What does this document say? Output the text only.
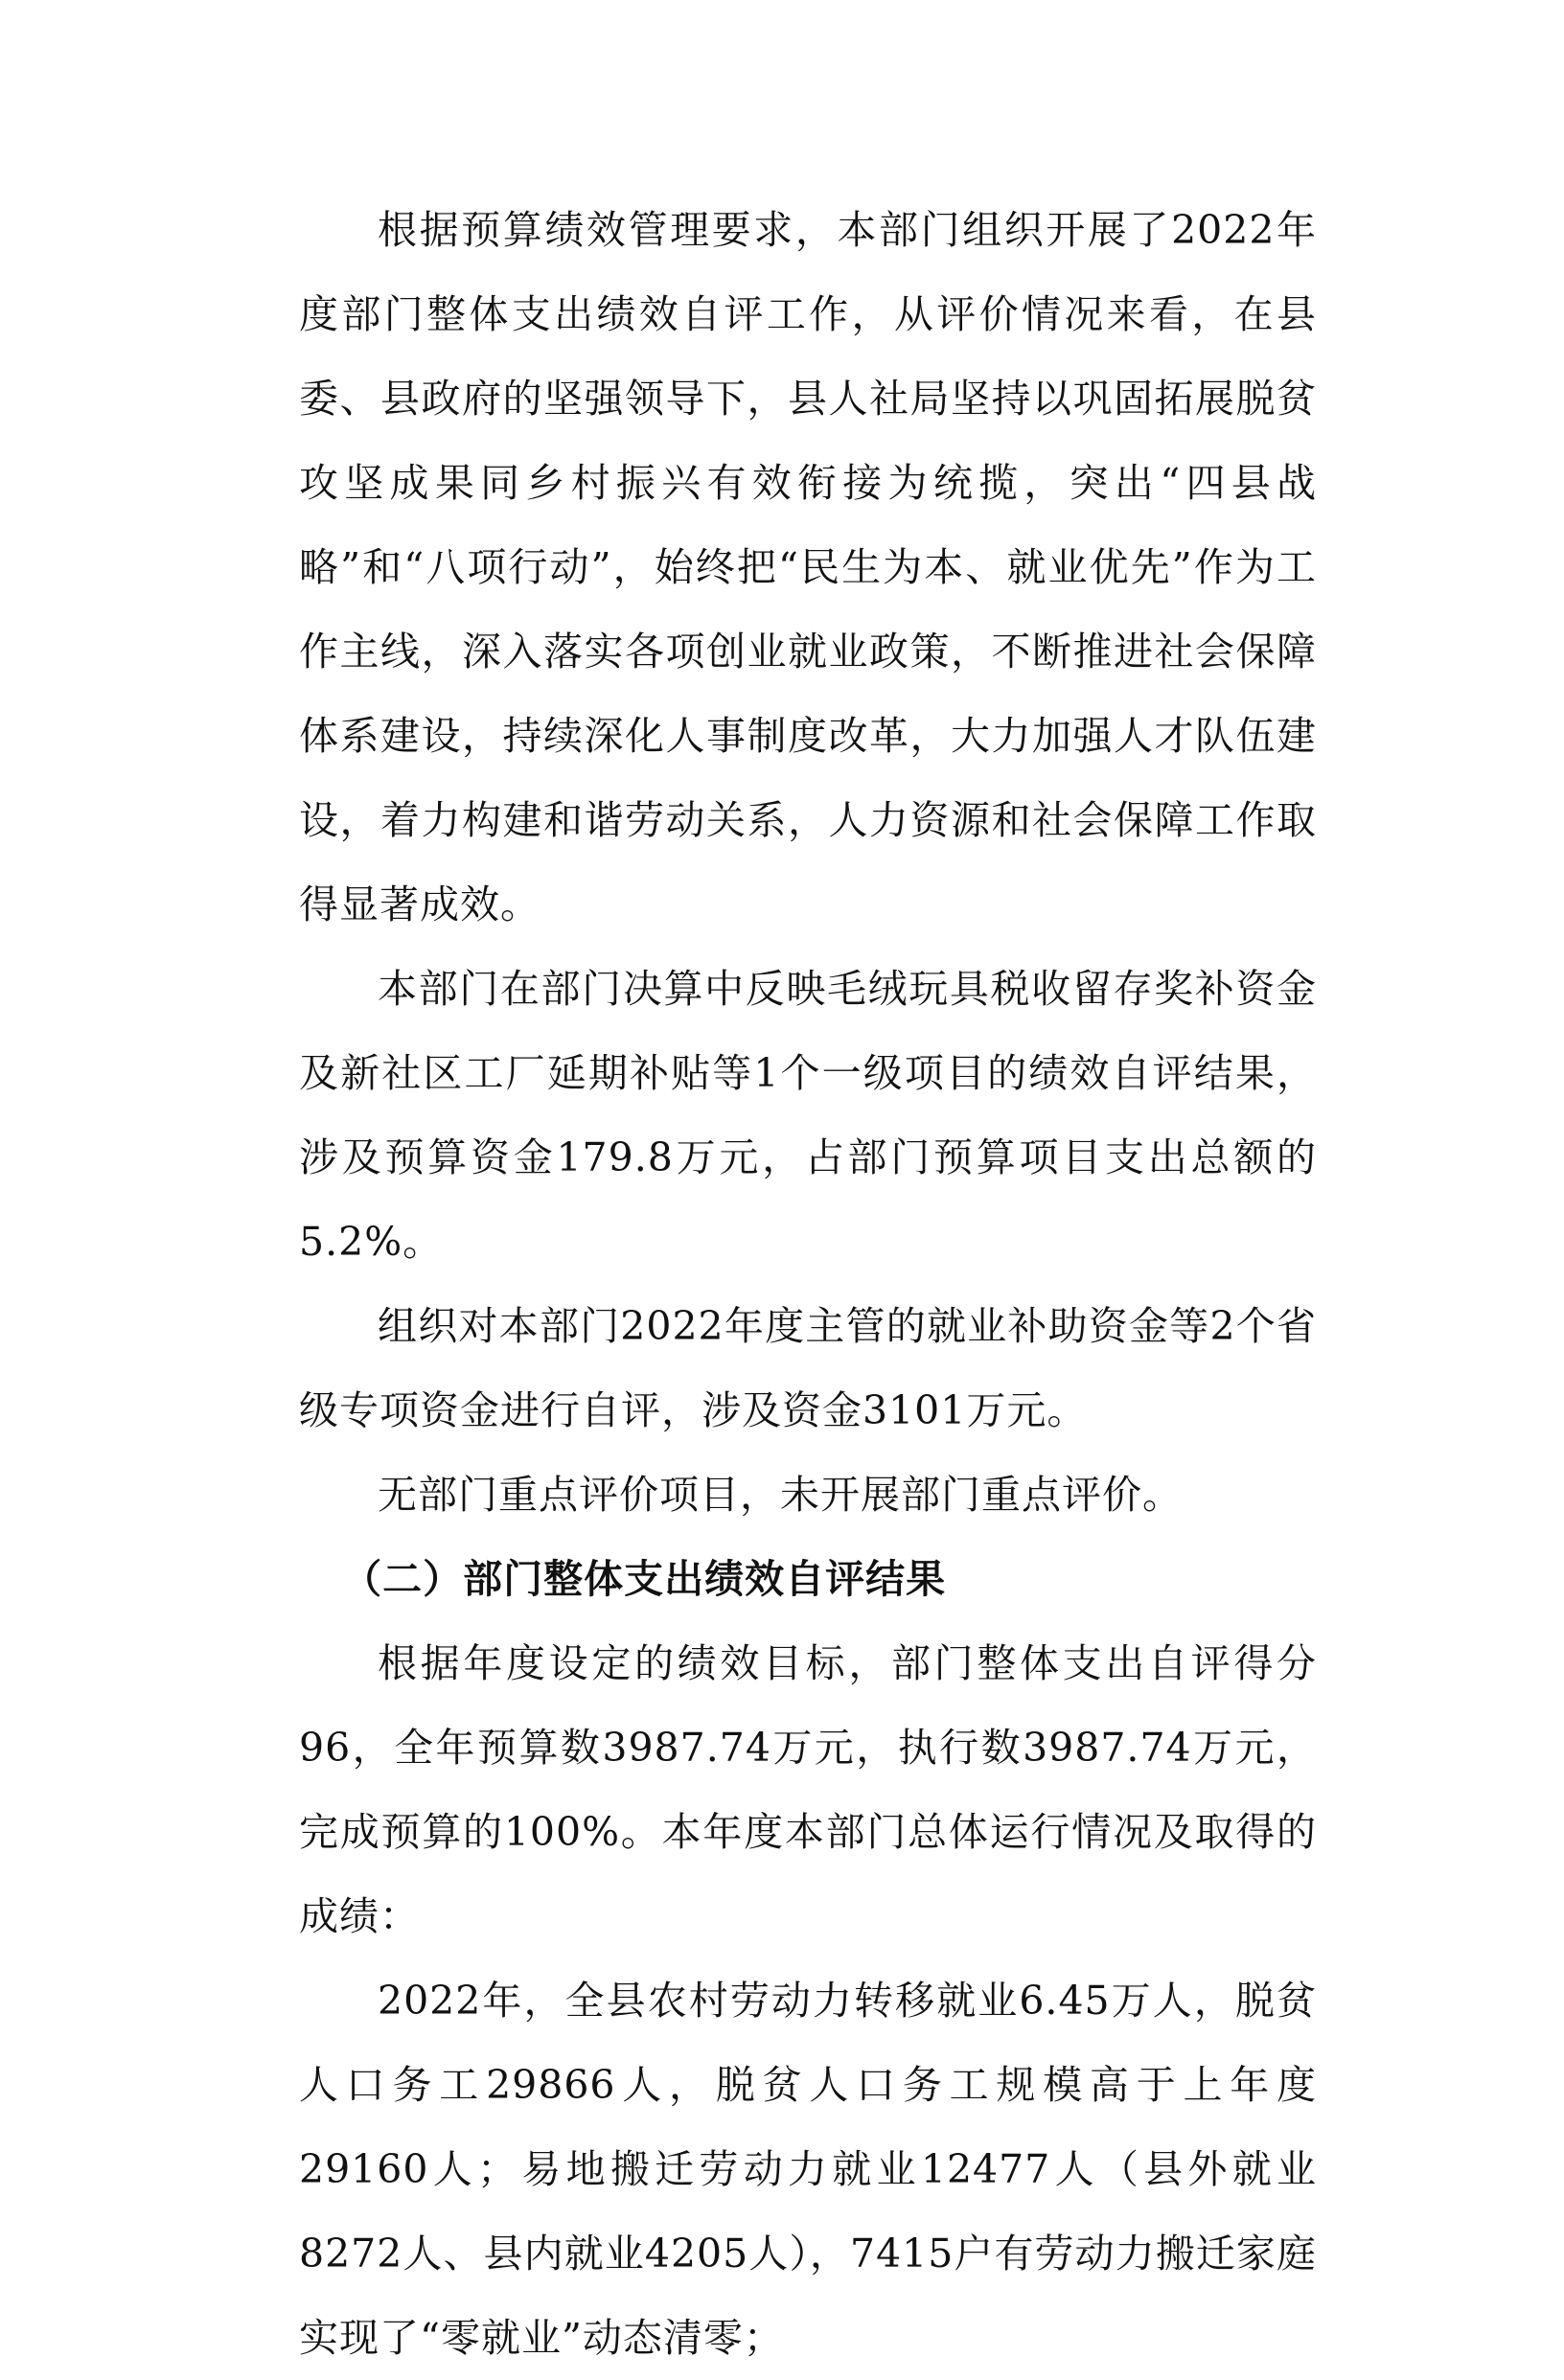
根据预算绩效管理要求，本部门组织开展了2022年度部门整体支出绩效自评工作，从评价情况来看，在县委、县政府的坚强领导下，县人社局坚持以巩固拓展脱贫攻坚成果同乡村振兴有效衔接为统揽，突出“四县战略”和“八项行动”，始终把“民生为本、就业优先”作为工作主线，深入落实各项创业就业政策，不断推进社会保障体系建设，持续深化人事制度改革，大力加强人才队伍建设，着力构建和谐劳动关系，人力资源和社会保障工作取得显著成效。

本部门在部门决算中反映毛绒玩具税收留存奖补资金及新社区工厂延期补贴等1个一级项目的绩效自评结果，涉及预算资金179.8万元，占部门预算项目支出总额的5.2%。

组织对本部门2022年度主管的就业补助资金等2个省级专项资金进行自评，涉及资金3101万元。

无部门重点评价项目，未开展部门重点评价。

（二）部门整体支出绩效自评结果

根据年度设定的绩效目标，部门整体支出自评得分96，全年预算数3987.74万元，执行数3987.74万元，完成预算的100%。本年度本部门总体运行情况及取得的成绩：

2022年，全县农村劳动力转移就业6.45万人，脱贫人口务工29866人，脱贫人口务工规模高于上年度29160人；易地搬迁劳动力就业12477人（县外就业8272人、县内就业4205人），7415户有劳动力搬迁家庭实现了“零就业”动态清零；
